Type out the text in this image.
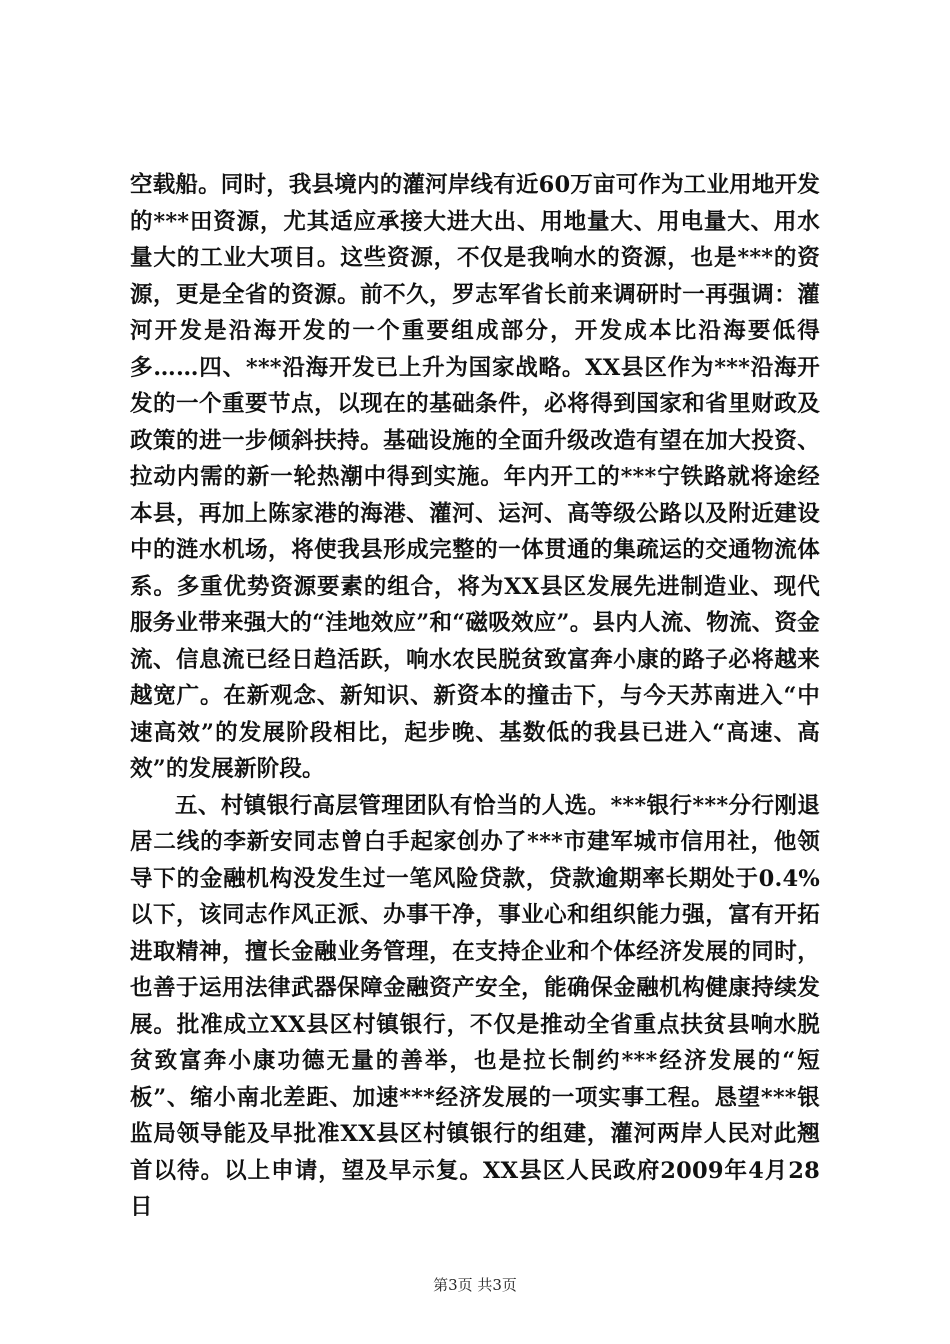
空载船。同时，我县境内的灌河岸线有近60万亩可作为工业用地开发的***田资源，尤其适应承接大进大出、用地量大、用电量大、用水量大的工业大项目。这些资源，不仅是我响水的资源，也是***的资源，更是全省的资源。前不久，罗志军省长前来调研时一再强调：灌河开发是沿海开发的一个重要组成部分，开发成本比沿海要低得多……四、***沿海开发已上升为国家战略。XX县区作为***沿海开发的一个重要节点，以现在的基础条件，必将得到国家和省里财政及政策的进一步倾斜扶持。基础设施的全面升级改造有望在加大投资、拉动内需的新一轮热潮中得到实施。年内开工的***宁铁路就将途经本县，再加上陈家港的海港、灌河、运河、高等级公路以及附近建设中的涟水机场，将使我县形成完整的一体贯通的集疏运的交通物流体系。多重优势资源要素的组合，将为XX县区发展先进制造业、现代服务业带来强大的“洼地效应”和“磁吸效应”。县内人流、物流、资金流、信息流已经日趋活跃，响水农民脱贫致富奔小康的路子必将越来越宽广。在新观念、新知识、新资本的撞击下，与今天苏南进入“中速高效”的发展阶段相比，起步晚、基数低的我县已进入“高速、高效”的发展新阶段。

五、村镇银行高层管理团队有恰当的人选。***银行***分行刚退居二线的李新安同志曾白手起家创办了***市建军城市信用社，他领导下的金融机构没发生过一笔风险贷款，贷款逾期率长期处于0.4%以下，该同志作风正派、办事干净，事业心和组织能力强，富有开拓进取精神，擅长金融业务管理，在支持企业和个体经济发展的同时，也善于运用法律武器保障金融资产安全，能确保金融机构健康持续发展。批准成立XX县区村镇银行，不仅是推动全省重点扶贫县响水脱贫致富奔小康功德无量的善举，也是拉长制约***经济发展的“短板”、缩小南北差距、加速***经济发展的一项实事工程。恳望***银监局领导能及早批准XX县区村镇银行的组建，灌河两岸人民对此翘首以待。以上申请，望及早示复。XX县区人民政府2009年4月28日

第3页 共3页
